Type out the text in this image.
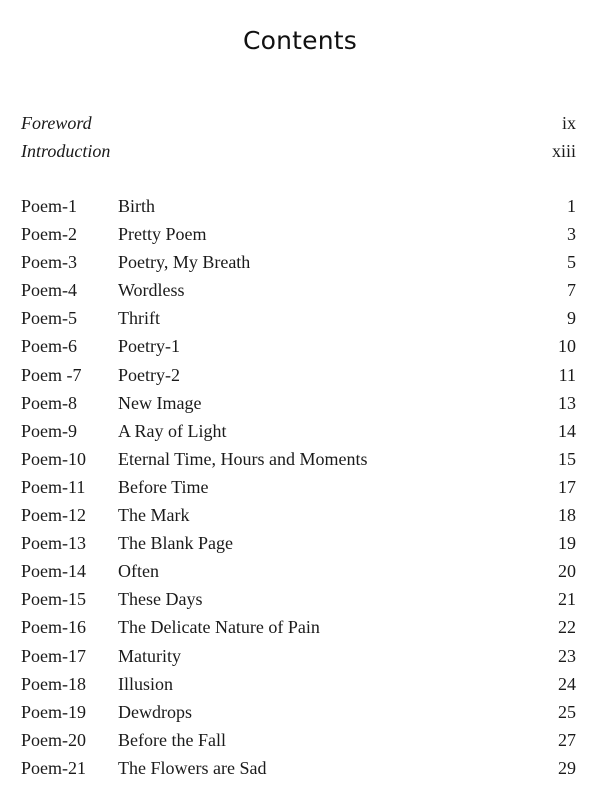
Contents
Foreword	ix
Introduction	xiii
Poem-1	Birth	1
Poem-2	Pretty Poem	3
Poem-3	Poetry, My Breath	5
Poem-4	Wordless	7
Poem-5	Thrift	9
Poem-6	Poetry-1	10
Poem -7	Poetry-2	11
Poem-8	New Image	13
Poem-9	A Ray of Light	14
Poem-10	Eternal Time, Hours and Moments	15
Poem-11	Before Time	17
Poem-12	The Mark	18
Poem-13	The Blank Page	19
Poem-14	Often	20
Poem-15	These Days	21
Poem-16	The Delicate Nature of Pain	22
Poem-17	Maturity	23
Poem-18	Illusion	24
Poem-19	Dewdrops	25
Poem-20	Before the Fall	27
Poem-21	The Flowers are Sad	29
